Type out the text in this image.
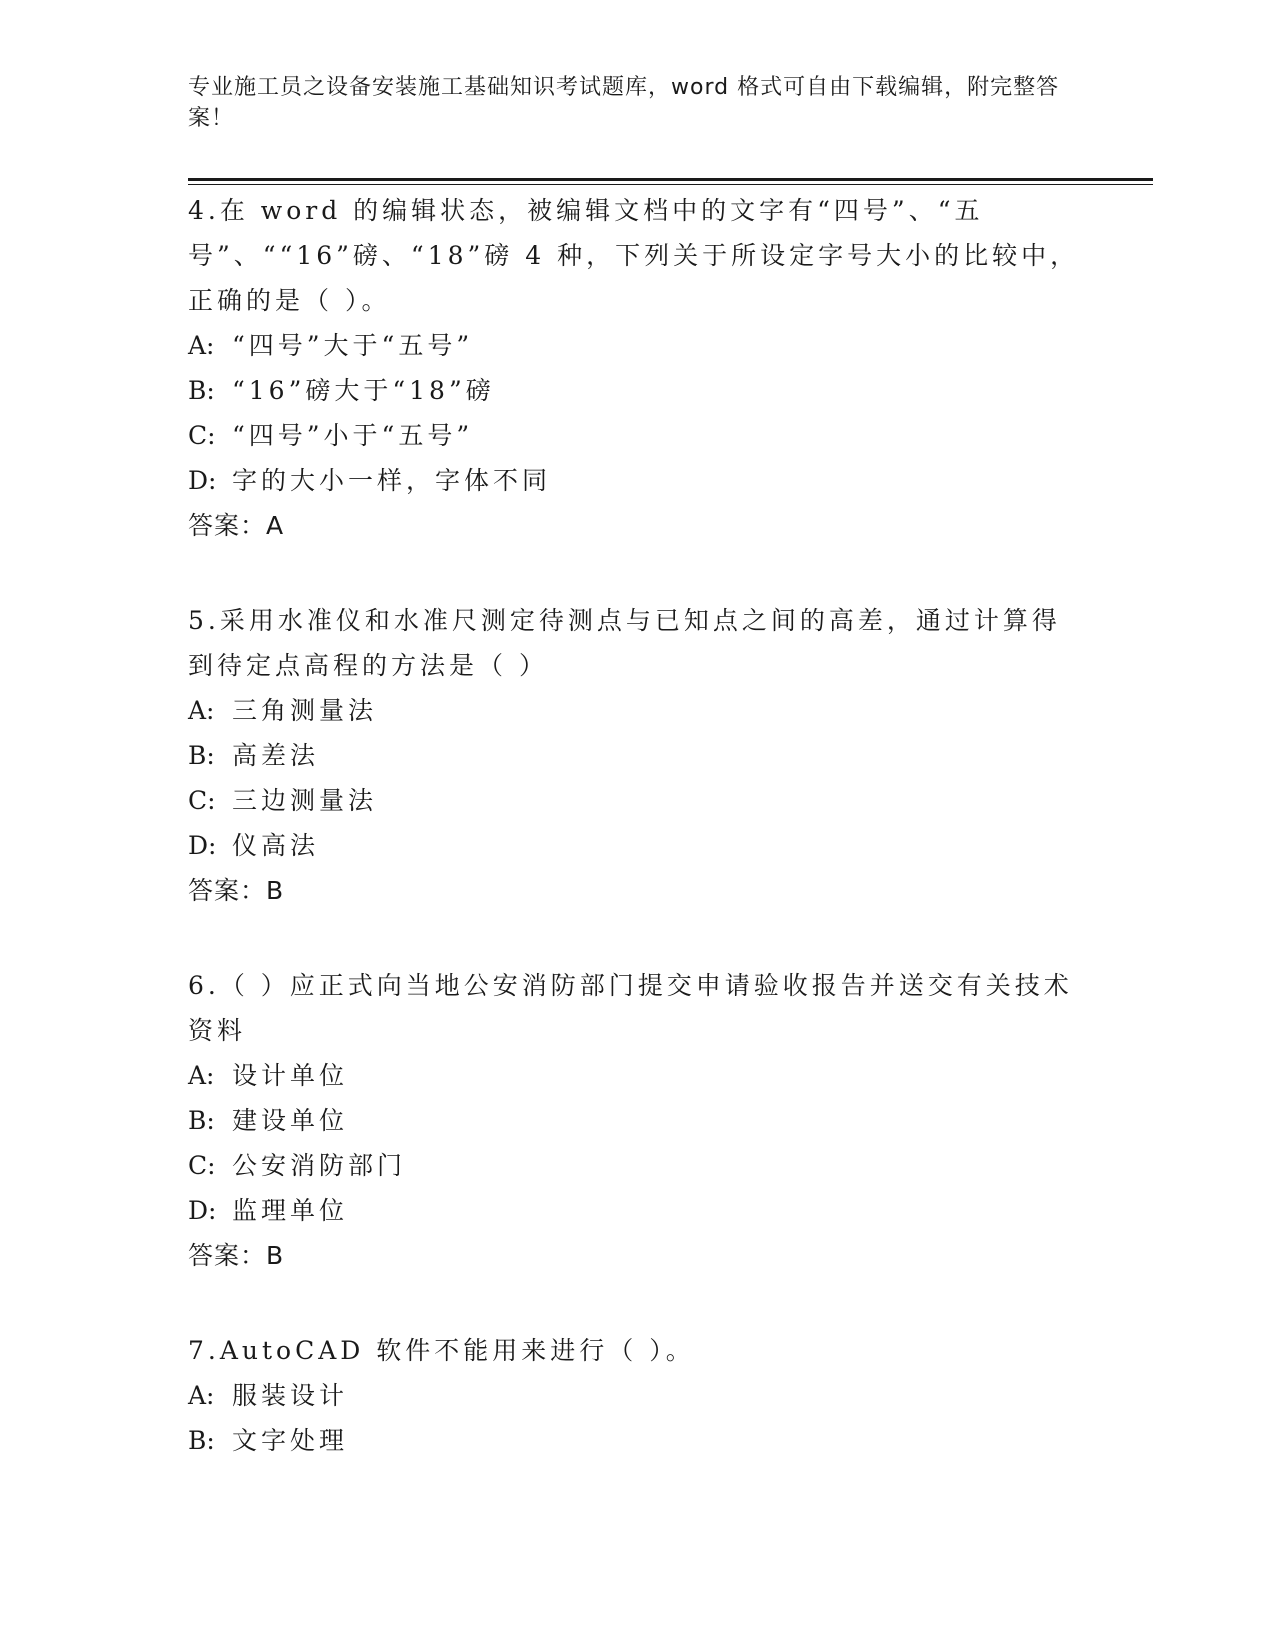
专业施工员之设备安装施工基础知识考试题库，word 格式可自由下载编辑，附完整答案！

4.在 word 的编辑状态，被编辑文档中的文字有“四号”、“五号”、““16”磅、“18”磅 4 种，下列关于所设定字号大小的比较中，正确的是（ ）。

A: “四号”大于“五号”

B: “16”磅大于“18”磅

C: “四号”小于“五号”

D: 字的大小一样，字体不同

答案：A

5.采用水准仪和水准尺测定待测点与已知点之间的高差，通过计算得到待定点高程的方法是（ ）

A: 三角测量法

B: 高差法

C: 三边测量法

D: 仪高法

答案：B

6.（ ）应正式向当地公安消防部门提交申请验收报告并送交有关技术资料

A: 设计单位

B: 建设单位

C: 公安消防部门

D: 监理单位

答案：B

7.AutoCAD 软件不能用来进行（ ）。

A: 服装设计

B: 文字处理
